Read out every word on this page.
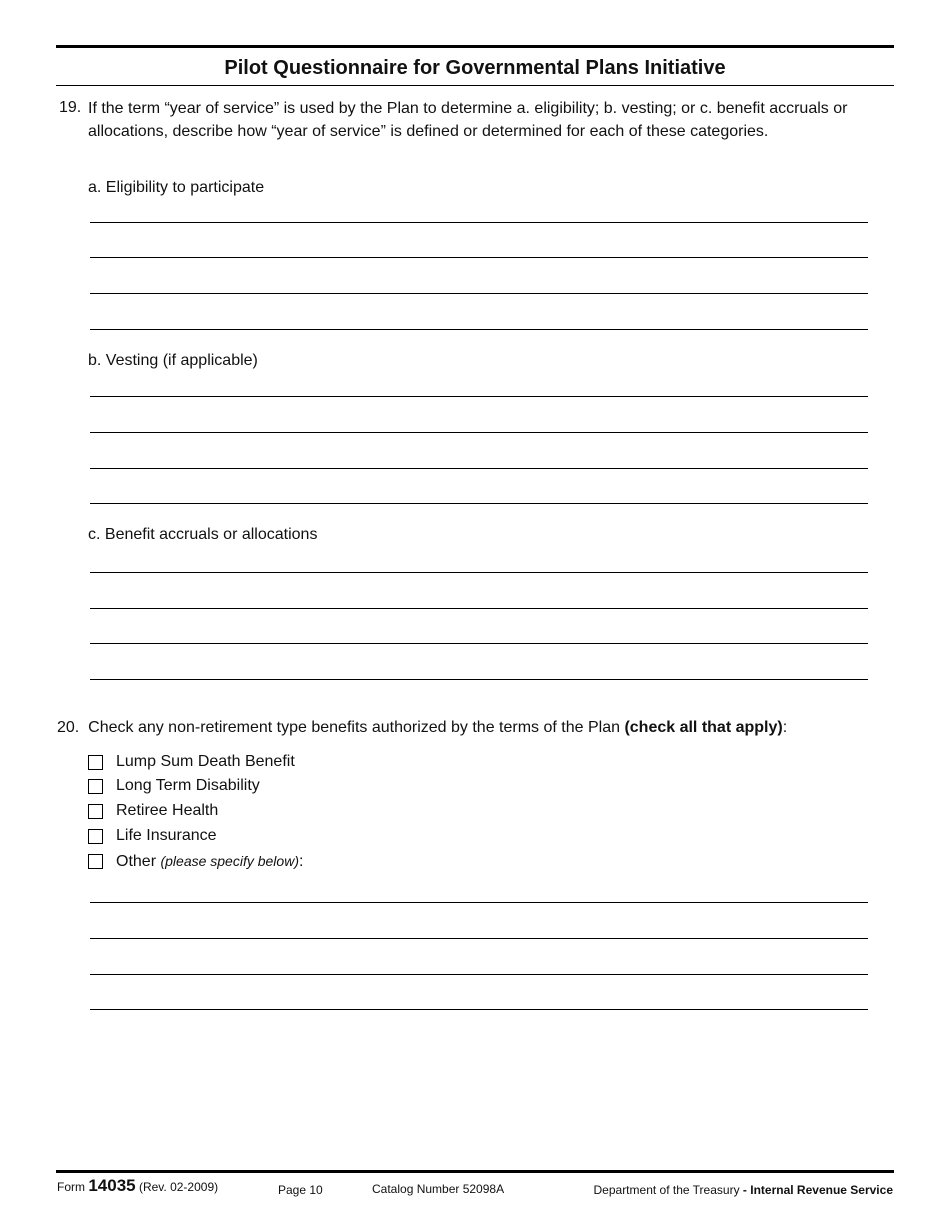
Pilot Questionnaire for Governmental Plans Initiative
19. If the term “year of service” is used by the Plan to determine a. eligibility; b. vesting; or c. benefit accruals or allocations, describe how “year of service” is defined or determined for each of these categories.
a. Eligibility to participate
b. Vesting (if applicable)
c. Benefit accruals or allocations
20. Check any non-retirement type benefits authorized by the terms of the Plan (check all that apply):
Lump Sum Death Benefit
Long Term Disability
Retiree Health
Life Insurance
Other (please specify below):
Form 14035 (Rev. 02-2009)	Page 10	Catalog Number 52098A	Department of the Treasury - Internal Revenue Service
